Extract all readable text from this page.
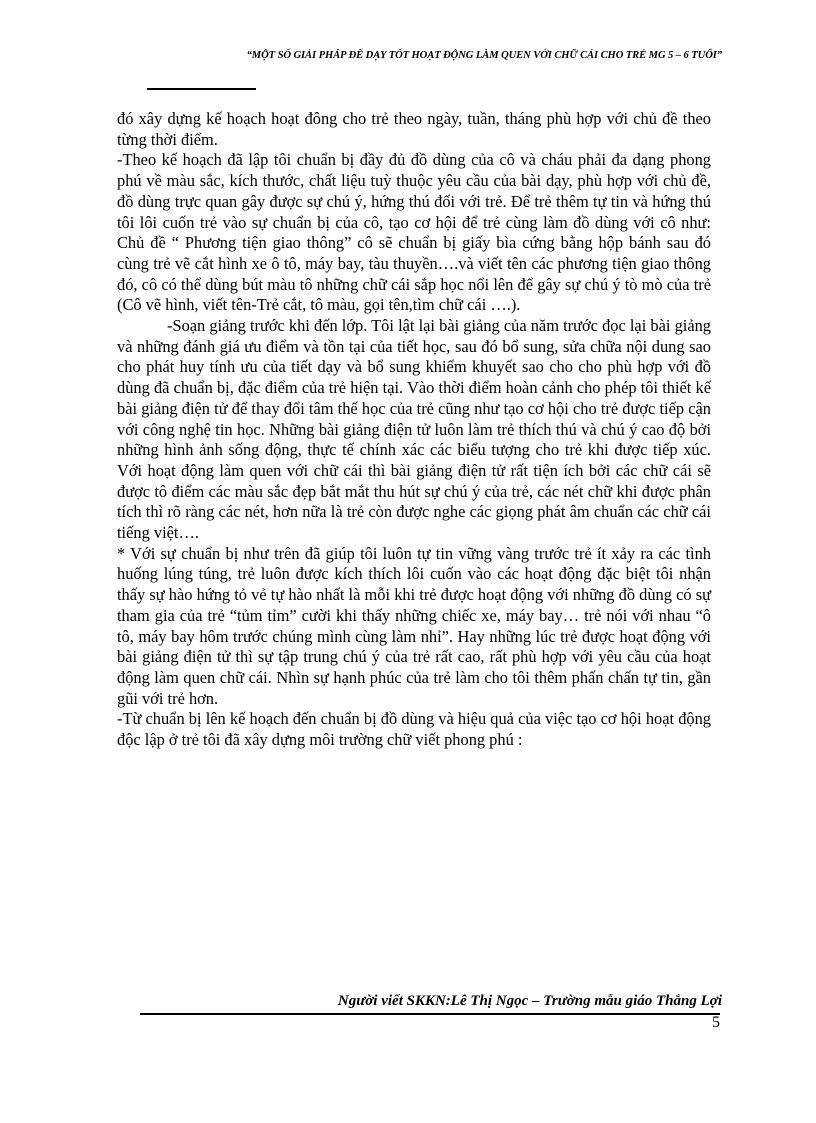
“MỘT SỐ GIẢI PHÁP ĐỂ DẠY TỐT HOẠT ĐỘNG LÀM QUEN VỚI CHỮ CÁI CHO TRẺ MG 5 – 6 TUỔI”

đó xây dựng kế hoạch hoạt đông cho trẻ theo ngày, tuần, tháng phù hợp với chủ đề theo từng thời điểm.

-Theo kế hoạch đã lập tôi chuẩn bị đầy đủ đồ dùng của cô và cháu phải đa dạng phong phú về màu sắc, kích thước, chất liệu tuỳ thuộc yêu cầu của bài dạy, phù hợp với chủ đề, đồ dùng trực quan gây được sự chú ý, hứng thú đối với trẻ. Để trẻ thêm tự tin và hứng thú tôi lôi cuốn trẻ vào sự chuẩn bị của cô, tạo cơ hội để trẻ cùng làm đồ dùng với cô như: Chủ đề “ Phương tiện giao thông” cô sẽ chuẩn bị giấy bìa cứng bằng hộp bánh sau đó cùng trẻ vẽ cắt hình xe ô tô, máy bay, tàu thuyền….và viết tên các phương tiện giao thông đó, cô có thể dùng bút màu tô những chữ cái sắp học nổi lên để gây sự chú ý tò mò của trẻ (Cô vẽ hình, viết tên-Trẻ cắt, tô màu, gọi tên,tìm chữ cái ….).

-Soạn giảng trước khi đến lớp. Tôi lật lại bài giảng của năm trước đọc lại bài giảng và những đánh giá ưu điểm và tồn tại của tiết học, sau đó bổ sung, sửa chữa nội dung sao cho phát huy tính ưu của tiết dạy và bổ sung khiếm khuyết sao cho cho phù hợp với đồ dùng đã chuẩn bị, đặc điểm của trẻ hiện tại. Vào thời điểm hoàn cảnh cho phép tôi thiết kế bài giảng điện tử để thay đổi tâm thế học của trẻ cũng như tạo cơ hội cho trẻ được tiếp cận với công nghệ tin học. Những bài giảng điện tử luôn làm trẻ thích thú và chú ý cao độ bởi những hình ảnh sống động, thực tế chính xác các biểu tượng cho trẻ khi được tiếp xúc. Với hoạt động làm quen với chữ cái thì bài giảng điện tử rất tiện ích bởi các chữ cái sẽ được tô điểm các màu sắc đẹp bắt mắt thu hút sự chú ý của trẻ, các nét chữ khi được phân tích thì rõ ràng các nét, hơn nữa là trẻ còn được nghe các giọng phát âm chuẩn các chữ cái tiếng việt….

* Với sự chuẩn bị như trên đã giúp tôi luôn tự tin vững vàng trước trẻ ít xảy ra các tình huống lúng túng, trẻ luôn được kích thích lôi cuốn vào các hoạt động đặc biệt tôi nhận thấy sự hào hứng tỏ vẻ tự hào nhất là mỗi khi trẻ được hoạt động với những đồ dùng có sự tham gia của trẻ “tủm tỉm” cười khi thấy những chiếc xe, máy bay… trẻ nói với nhau “ô tô, máy bay hôm trước chúng mình cùng làm nhỉ”. Hay những lúc trẻ được hoạt động với bài giảng điện tử thì sự tập trung chú ý của trẻ rất cao, rất phù hợp với yêu cầu của hoạt động làm quen chữ cái. Nhìn sự hạnh phúc của trẻ làm cho tôi thêm phấn chấn tự tin, gần gũi với trẻ hơn.

-Từ chuẩn bị lên kế hoạch đến chuẩn bị đồ dùng và hiệu quả của việc tạo cơ hội hoạt động độc lập ở trẻ tôi đã xây dựng môi trường chữ viết phong phú :

Người viết SKKN:Lê Thị Ngọc – Trường mẫu giáo Thắng Lợi
5
